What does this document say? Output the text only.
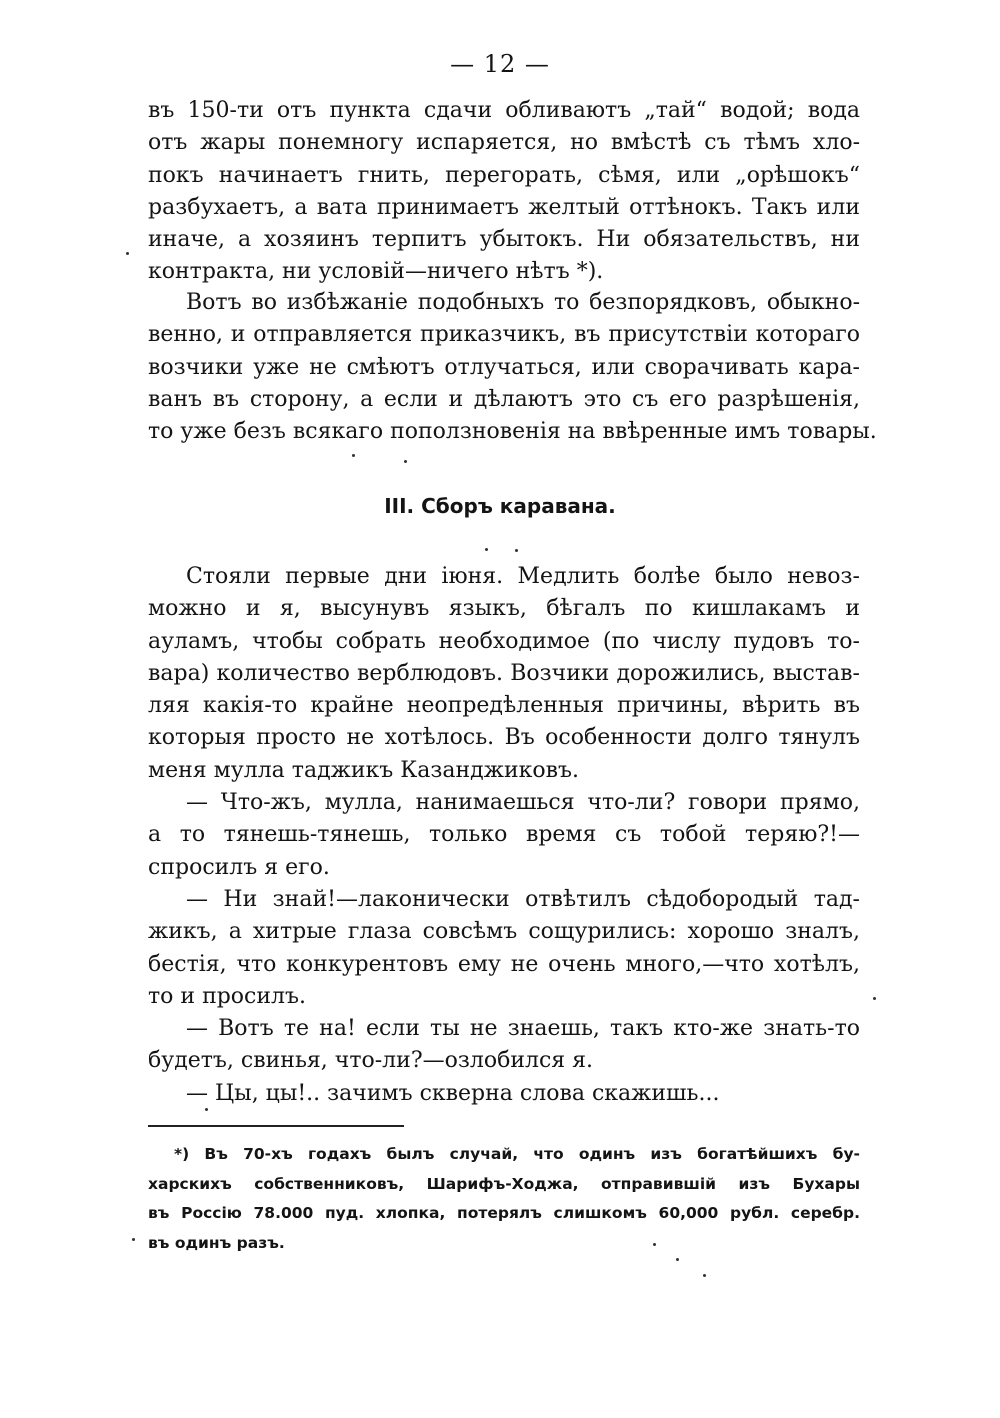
— 12 —
въ 150-ти отъ пункта сдачи обливаютъ „тай“ водой; вода
отъ жары понемногу испаряется, но вмѣстѣ съ тѣмъ хло-
покъ начинаетъ гнить, перегорать, сѣмя, или „орѣшокъ“
разбухаетъ, а вата принимаетъ желтый оттѣнокъ. Такъ или
иначе, а хозяинъ терпитъ убытокъ. Ни обязательствъ, ни
контракта, ни условій—ничего нѣтъ *).
Вотъ во избѣжаніе подобныхъ то безпорядковъ, обыкно-
венно, и отправляется приказчикъ, въ присутствіи котораго
возчики уже не смѣютъ отлучаться, или сворачивать кара-
ванъ въ сторону, а если и дѣлаютъ это съ его разрѣшенія,
то уже безъ всякаго поползновенія на ввѣренные имъ товары.
III. Сборъ каравана.
Стояли первые дни іюня. Медлить болѣе было невоз-
можно и я, высунувъ языкъ, бѣгалъ по кишлакамъ и
ауламъ, чтобы собрать необходимое (по числу пудовъ то-
вара) количество верблюдовъ. Возчики дорожились, выстав-
ляя какія-то крайне неопредѣленныя причины, вѣрить въ
которыя просто не хотѣлось. Въ особенности долго тянулъ
меня мулла таджикъ Казанджиковъ.
— Что-жъ, мулла, нанимаешься что-ли? говори прямо,
а то тянешь-тянешь, только время съ тобой теряю?!—
спросилъ я его.
— Ни знай!—лаконически отвѣтилъ сѣдобородый тад-
жикъ, а хитрые глаза совсѣмъ сощурились: хорошо зналъ,
бестія, что конкурентовъ ему не очень много,—что хотѣлъ,
то и просилъ.
— Вотъ те на! если ты не знаешь, такъ кто-же знать-то
будетъ, свинья, что-ли?—озлобился я.
— Цы, цы!.. зачимъ скверна слова скажишь...
*) Въ 70-хъ годахъ былъ случай, что одинъ изъ богатѣйшихъ бу-
харскихъ собственниковъ, Шарифъ-Ходжа, отправившій изъ Бухары
въ Россію 78.000 пуд. хлопка, потерялъ слишкомъ 60,000 рубл. серебр.
въ одинъ разъ.
